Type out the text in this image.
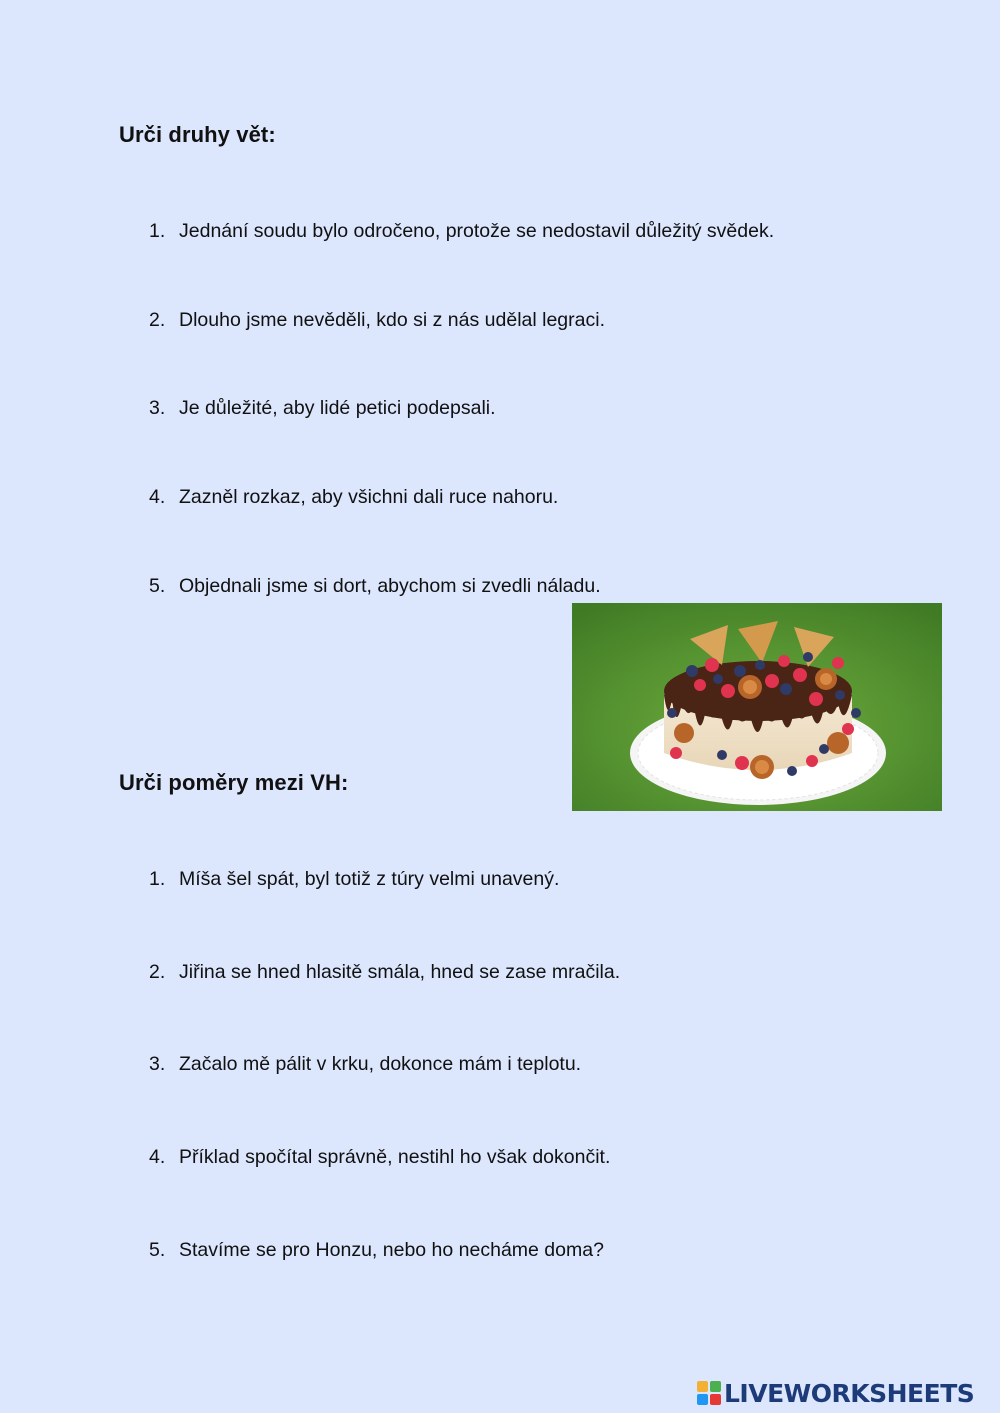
Urči druhy vět:
1. Jednání soudu bylo odročeno, protože se nedostavil důležitý svědek.
2. Dlouho jsme nevěděli, kdo si z nás udělal legraci.
3. Je důležité, aby lidé petici podepsali.
4. Zazněl rozkaz, aby všichni dali ruce nahoru.
5. Objednali jsme si dort, abychom si zvedli náladu.
Urči poměry mezi VH:
1. Míša šel spát, byl totiž z túry velmi unavený.
2. Jiřina se hned hlasitě smála, hned se zase mračila.
3. Začalo mě pálit v krku, dokonce mám i teplotu.
4. Příklad spočítal správně, nestihl ho však dokončit.
5. Stavíme se pro Honzu, nebo ho necháme doma?
LIVEWORKSHEETS
